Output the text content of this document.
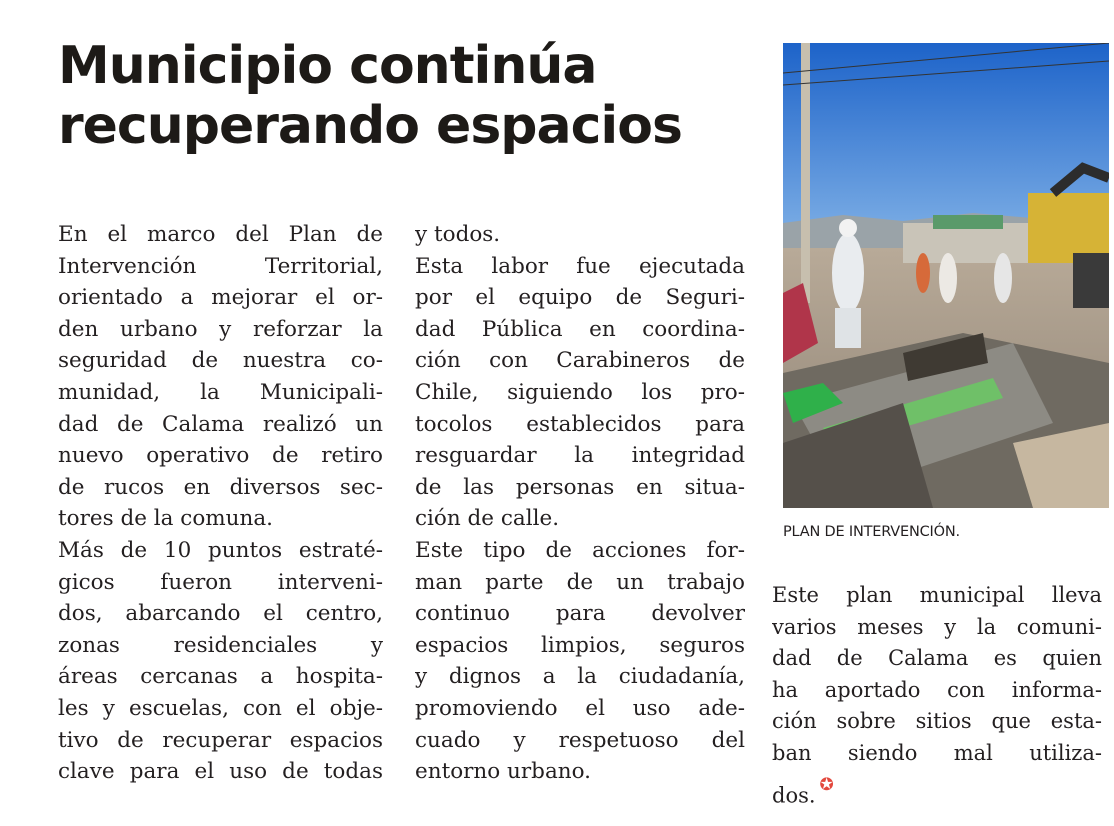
Municipio continúa
recuperando espacios
En el marco del Plan de
Intervención Territorial,
orientado a mejorar el or-
den urbano y reforzar la
seguridad de nuestra co-
munidad, la Municipali-
dad de Calama realizó un
nuevo operativo de retiro
de rucos en diversos sec-
tores de la comuna.
Más de 10 puntos estraté-
gicos fueron intervenі-
dos, abarcando el centro,
zonas residenciales y
áreas cercanas a hospita-
les y escuelas, con el obje-
tivo de recuperar espacios
clave para el uso de todas
y todos.
Esta labor fue ejecutada
por el equipo de Seguri-
dad Pública en coordina-
ción con Carabineros de
Chile, siguiendo los pro-
tocolos establecidos para
resguardar la integridad
de las personas en situa-
ción de calle.
Este tipo de acciones for-
man parte de un trabajo
continuo para devolver
espacios limpios, seguros
y dignos a la ciudadanía,
promoviendo el uso ade-
cuado y respetuoso del
entorno urbano.
PLAN DE INTERVENCIÓN.
Este plan municipal lleva
varios meses y la comuni-
dad de Calama es quien
ha aportado con informa-
ción sobre sitios que esta-
ban siendo mal utiliza-
dos. ✪
